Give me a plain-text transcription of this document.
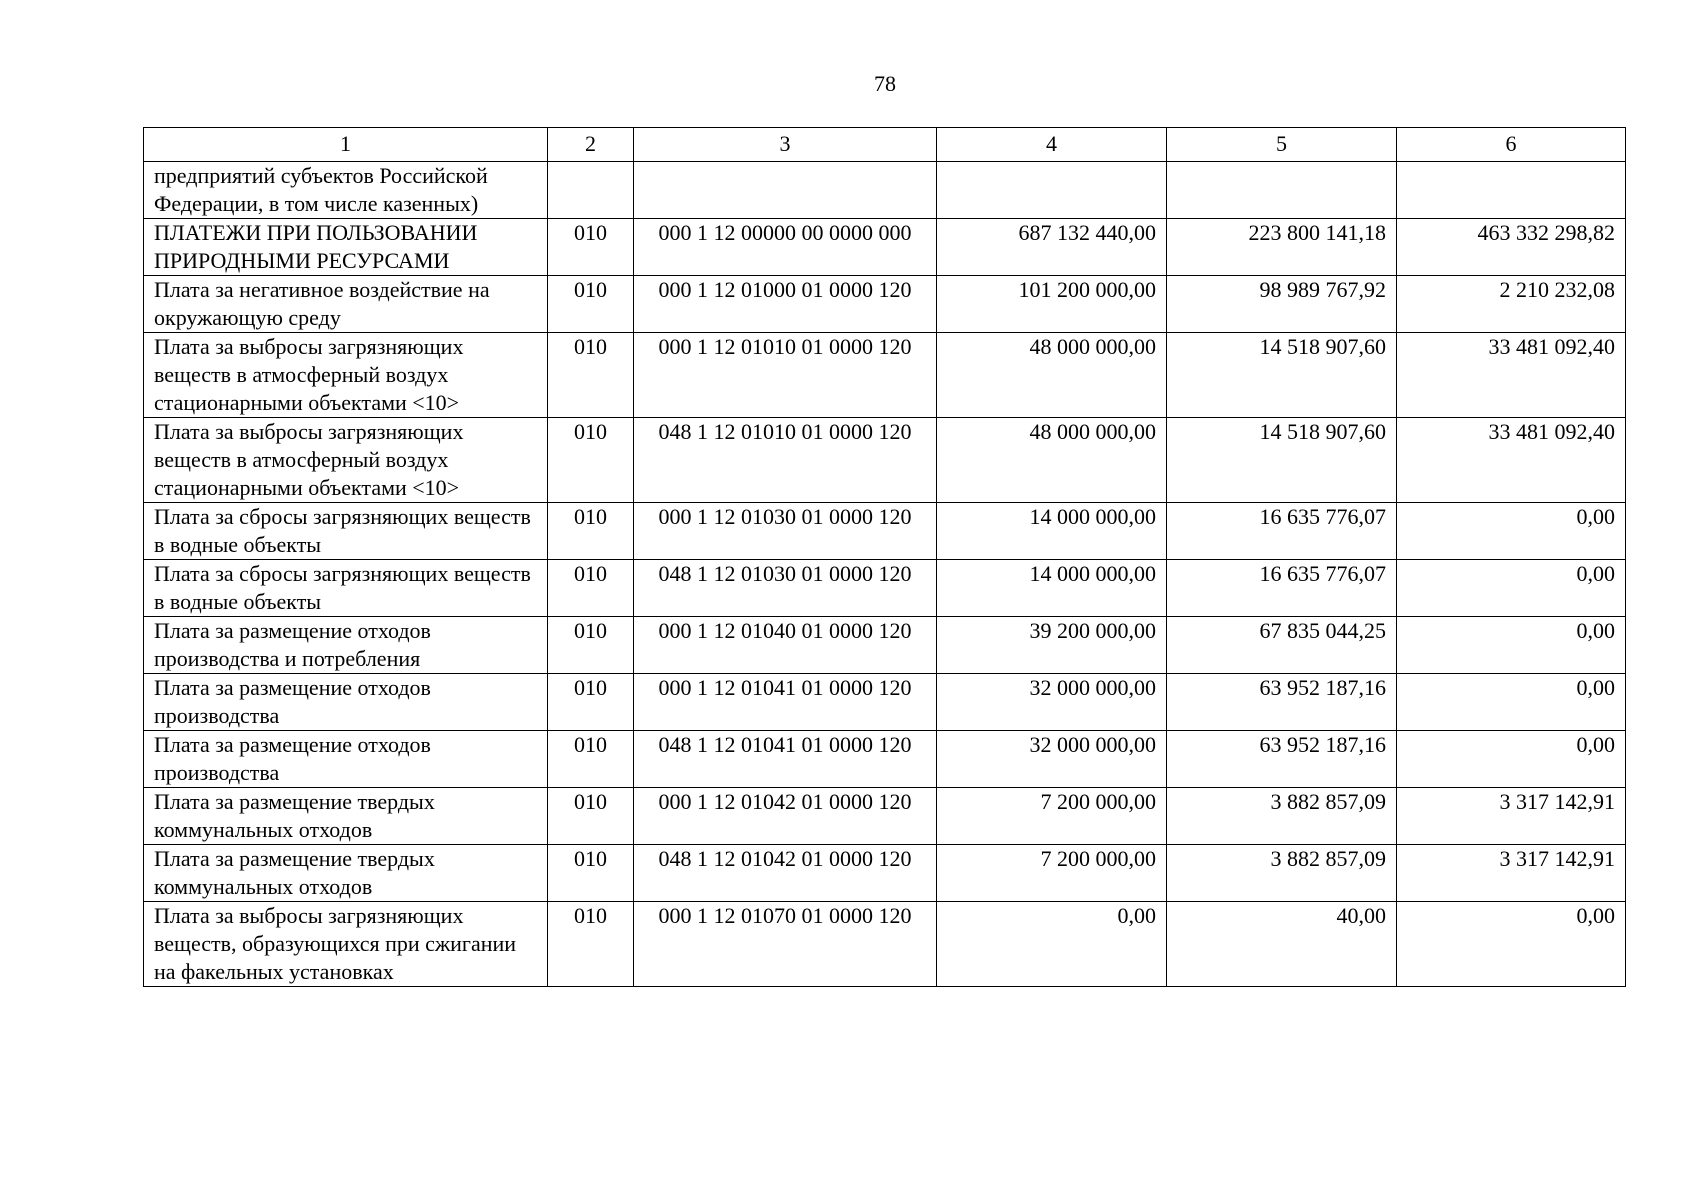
78
1	2	3	4	5	6
предприятий субъектов Российской Федерации, в том числе казенных)					
ПЛАТЕЖИ ПРИ ПОЛЬЗОВАНИИ ПРИРОДНЫМИ РЕСУРСАМИ	010	000 1 12 00000 00 0000 000	687 132 440,00	223 800 141,18	463 332 298,82
Плата за негативное воздействие на окружающую среду	010	000 1 12 01000 01 0000 120	101 200 000,00	98 989 767,92	2 210 232,08
Плата за выбросы загрязняющих веществ в атмосферный воздух стационарными объектами <10>	010	000 1 12 01010 01 0000 120	48 000 000,00	14 518 907,60	33 481 092,40
Плата за выбросы загрязняющих веществ в атмосферный воздух стационарными объектами <10>	010	048 1 12 01010 01 0000 120	48 000 000,00	14 518 907,60	33 481 092,40
Плата за сбросы загрязняющих веществ в водные объекты	010	000 1 12 01030 01 0000 120	14 000 000,00	16 635 776,07	0,00
Плата за сбросы загрязняющих веществ в водные объекты	010	048 1 12 01030 01 0000 120	14 000 000,00	16 635 776,07	0,00
Плата за размещение отходов производства и потребления	010	000 1 12 01040 01 0000 120	39 200 000,00	67 835 044,25	0,00
Плата за размещение отходов производства	010	000 1 12 01041 01 0000 120	32 000 000,00	63 952 187,16	0,00
Плата за размещение отходов производства	010	048 1 12 01041 01 0000 120	32 000 000,00	63 952 187,16	0,00
Плата за размещение твердых коммунальных отходов	010	000 1 12 01042 01 0000 120	7 200 000,00	3 882 857,09	3 317 142,91
Плата за размещение твердых коммунальных отходов	010	048 1 12 01042 01 0000 120	7 200 000,00	3 882 857,09	3 317 142,91
Плата за выбросы загрязняющих веществ, образующихся при сжигании на факельных установках	010	000 1 12 01070 01 0000 120	0,00	40,00	0,00
